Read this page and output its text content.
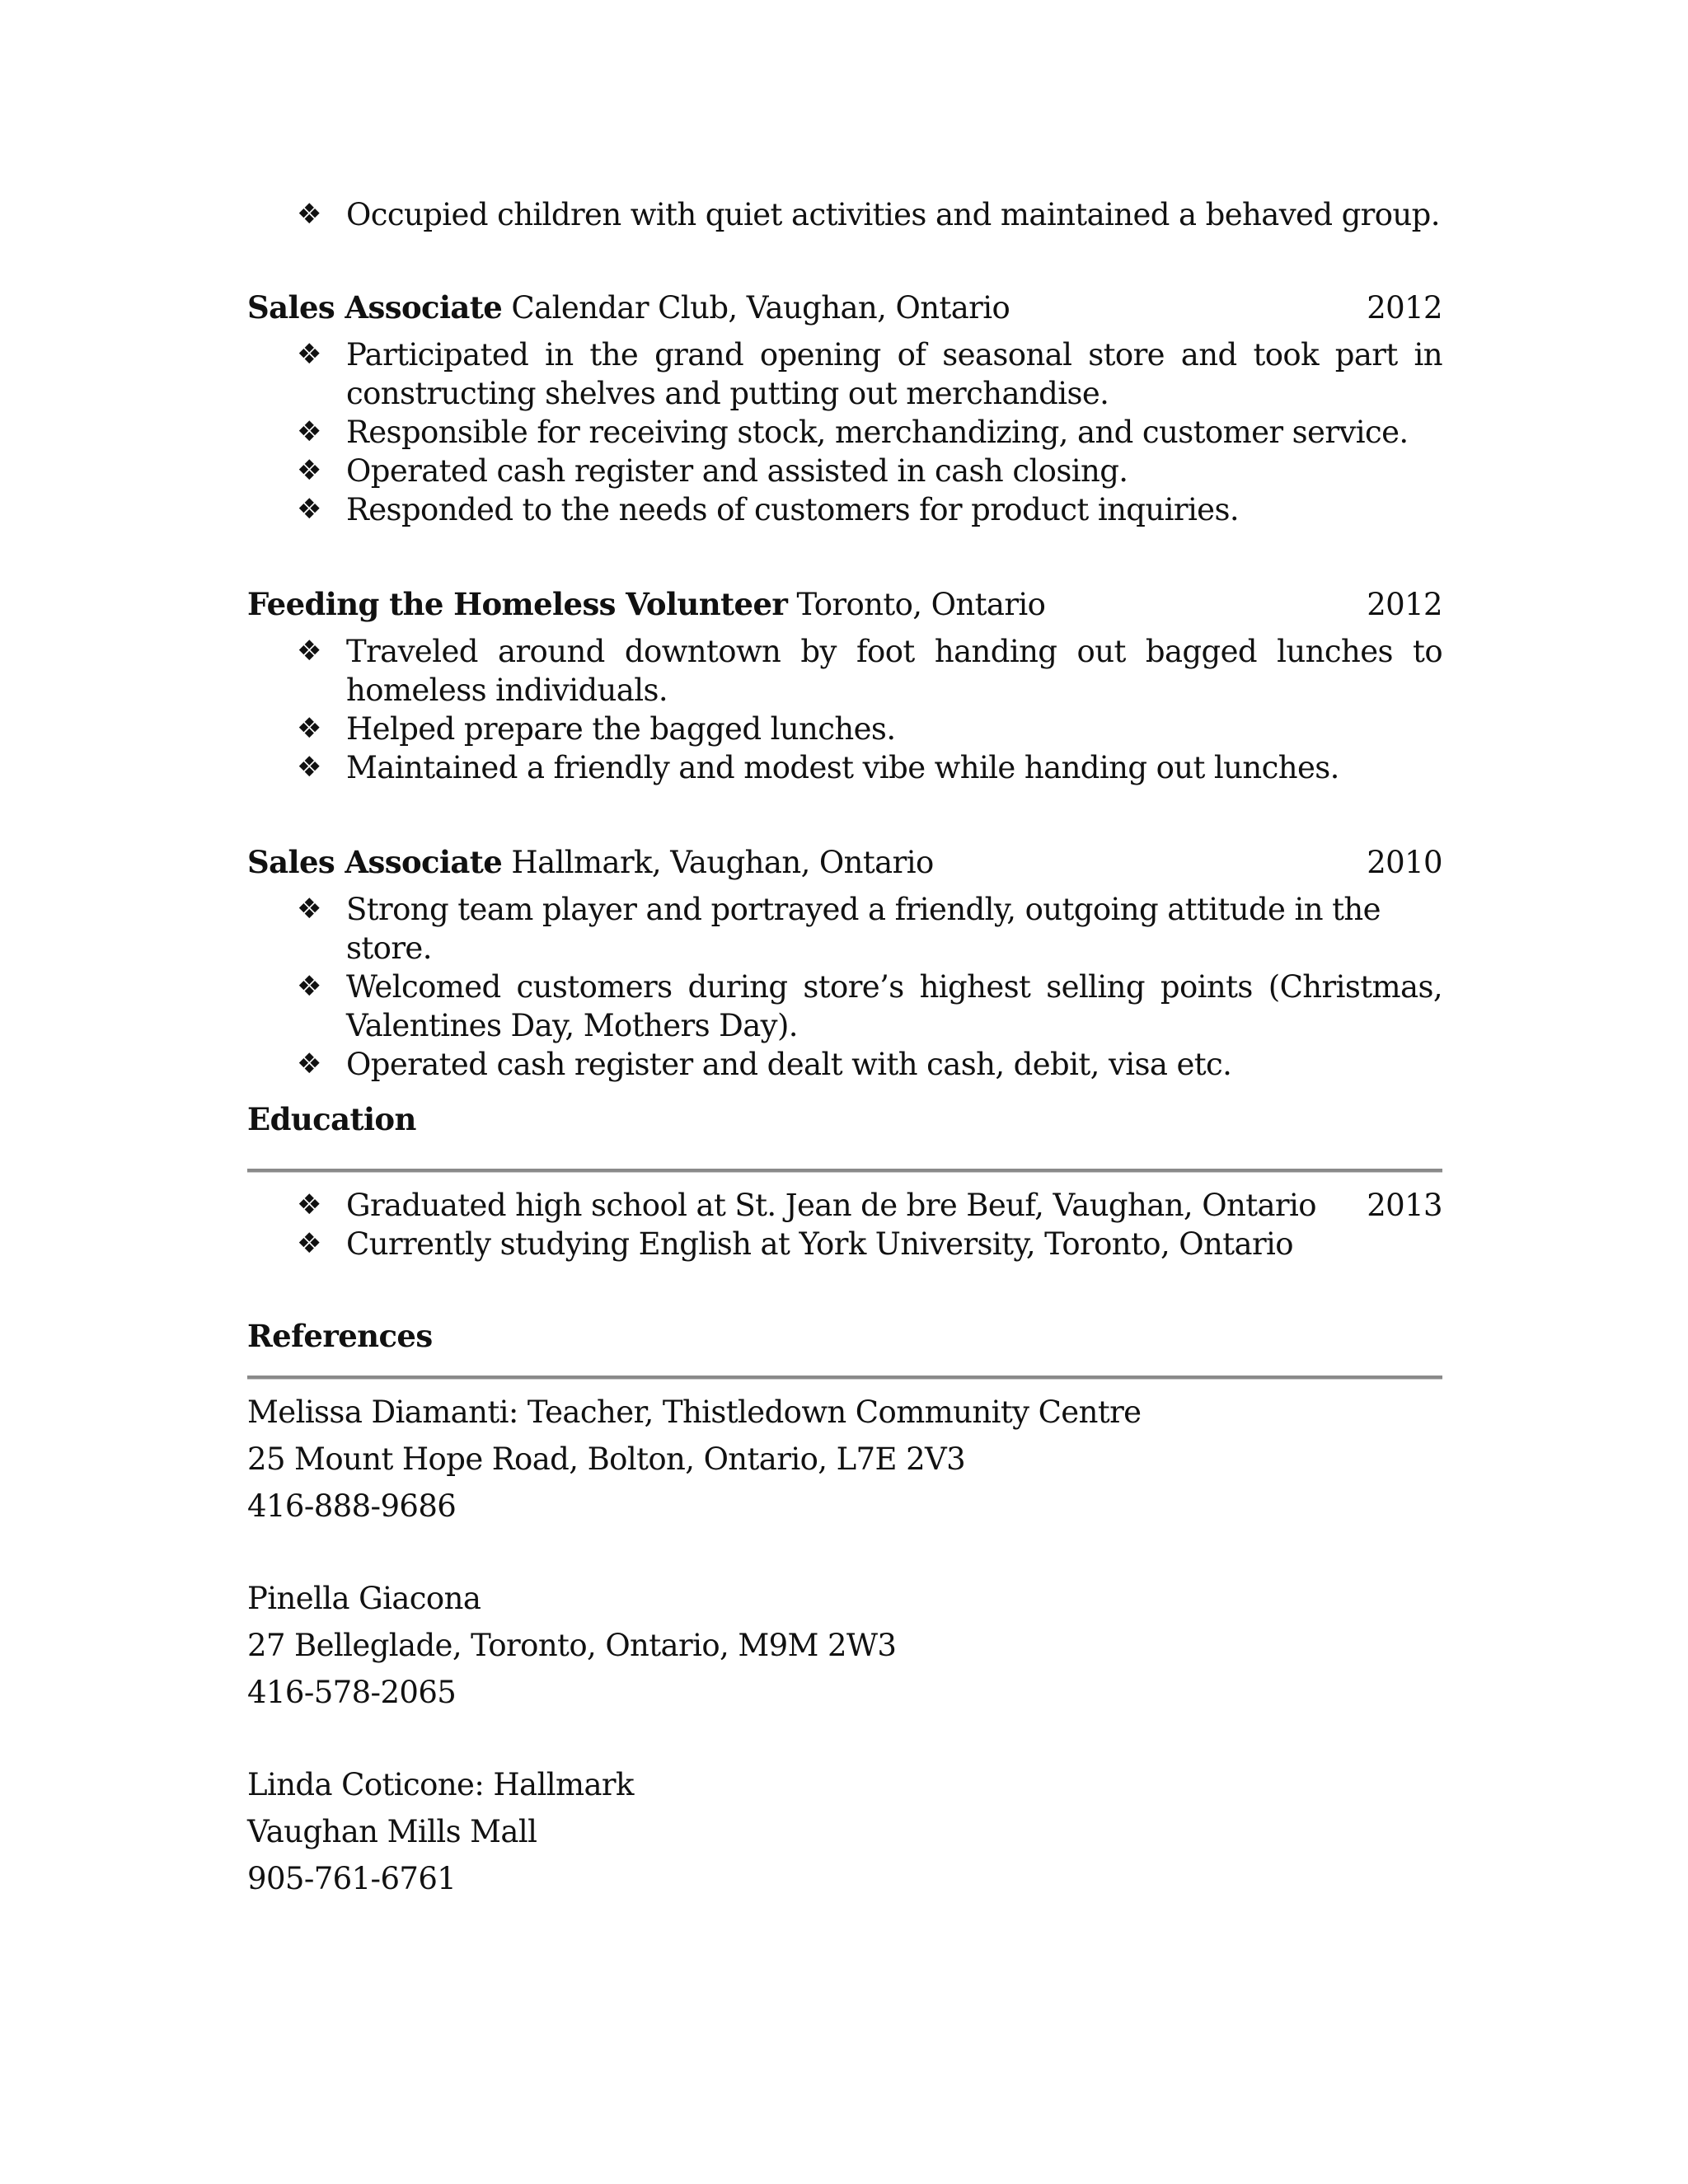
❖ Occupied children with quiet activities and maintained a behaved group.
Sales Associate Calendar Club, Vaughan, Ontario	2012
❖ Participated in the grand opening of seasonal store and took part in constructing shelves and putting out merchandise.
❖ Responsible for receiving stock, merchandizing, and customer service.
❖ Operated cash register and assisted in cash closing.
❖ Responded to the needs of customers for product inquiries.
Feeding the Homeless Volunteer Toronto, Ontario	2012
❖ Traveled around downtown by foot handing out bagged lunches to homeless individuals.
❖ Helped prepare the bagged lunches.
❖ Maintained a friendly and modest vibe while handing out lunches.
Sales Associate Hallmark, Vaughan, Ontario	2010
❖ Strong team player and portrayed a friendly, outgoing attitude in the store.
❖ Welcomed customers during store’s highest selling points (Christmas, Valentines Day, Mothers Day).
❖ Operated cash register and dealt with cash, debit, visa etc.
Education
❖ Graduated high school at St. Jean de bre Beuf, Vaughan, Ontario 2013
❖ Currently studying English at York University, Toronto, Ontario
References
Melissa Diamanti: Teacher, Thistledown Community Centre
25 Mount Hope Road, Bolton, Ontario, L7E 2V3
416-888-9686
Pinella Giacona
27 Belleglade, Toronto, Ontario, M9M 2W3
416-578-2065
Linda Coticone: Hallmark
Vaughan Mills Mall
905-761-6761
